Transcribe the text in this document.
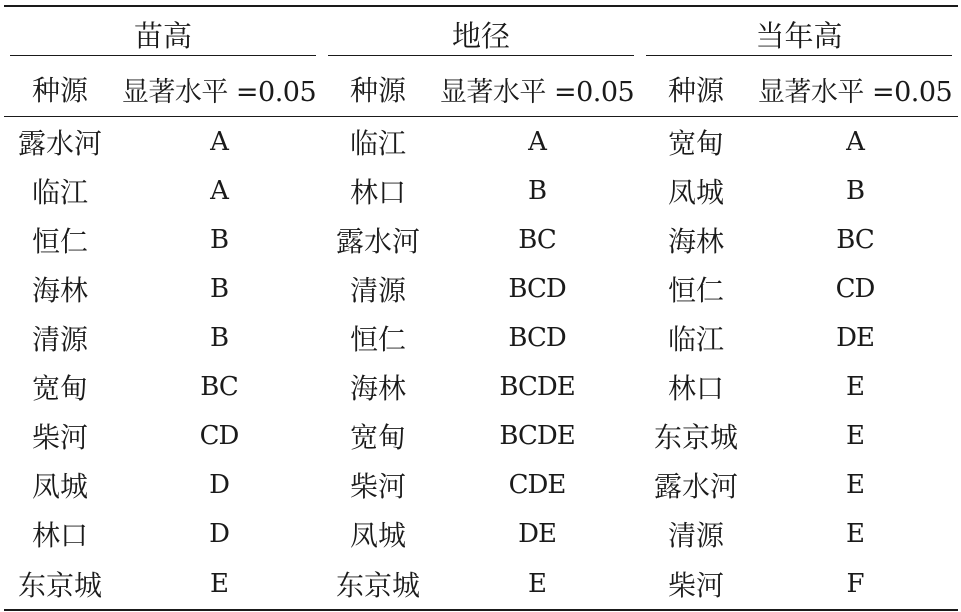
苗高		地径		当年高	

种源	显著水平 =0.05	种源	显著水平 =0.05	种源	显著水平 =0.05
露水河	A	临江	A	宽甸	A
临江	A	林口	B	凤城	B
恒仁	B	露水河	BC	海林	BC
海林	B	清源	BCD	恒仁	CD
清源	B	恒仁	BCD	临江	DE
宽甸	BC	海林	BCDE	林口	E
柴河	CD	宽甸	BCDE	东京城	E
凤城	D	柴河	CDE	露水河	E
林口	D	凤城	DE	清源	E
东京城	E	东京城	E	柴河	F
